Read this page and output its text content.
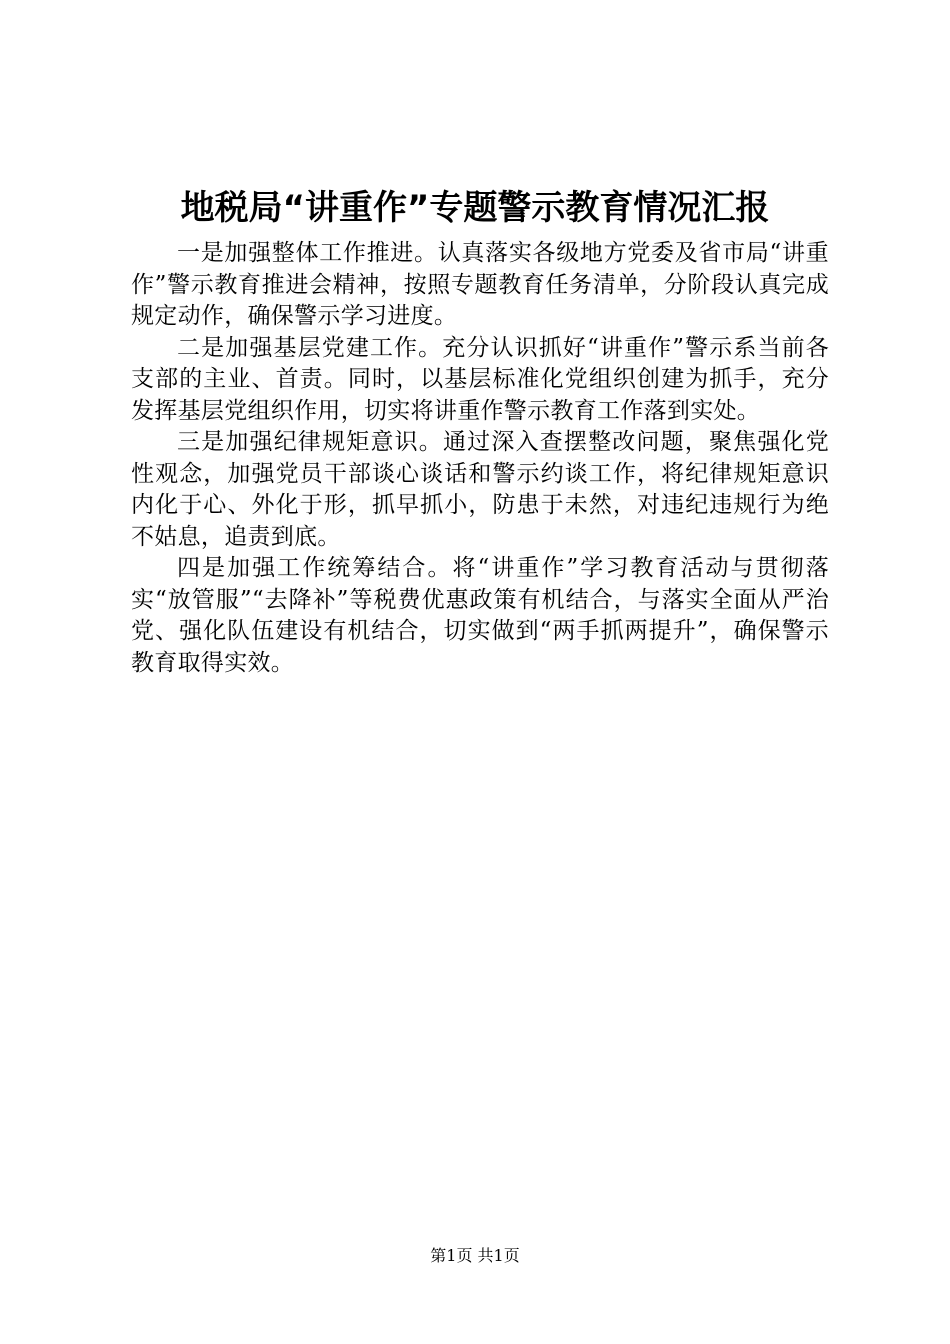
地税局“讲重作”专题警示教育情况汇报

一是加强整体工作推进。认真落实各级地方党委及省市局“讲重作”警示教育推进会精神，按照专题教育任务清单，分阶段认真完成规定动作，确保警示学习进度。

二是加强基层党建工作。充分认识抓好“讲重作”警示系当前各支部的主业、首责。同时，以基层标准化党组织创建为抓手，充分发挥基层党组织作用，切实将讲重作警示教育工作落到实处。

三是加强纪律规矩意识。通过深入查摆整改问题，聚焦强化党性观念，加强党员干部谈心谈话和警示约谈工作，将纪律规矩意识内化于心、外化于形，抓早抓小，防患于未然，对违纪违规行为绝不姑息，追责到底。

四是加强工作统筹结合。将“讲重作”学习教育活动与贯彻落实“放管服”“去降补”等税费优惠政策有机结合，与落实全面从严治党、强化队伍建设有机结合，切实做到“两手抓两提升”，确保警示教育取得实效。

第1页 共1页
